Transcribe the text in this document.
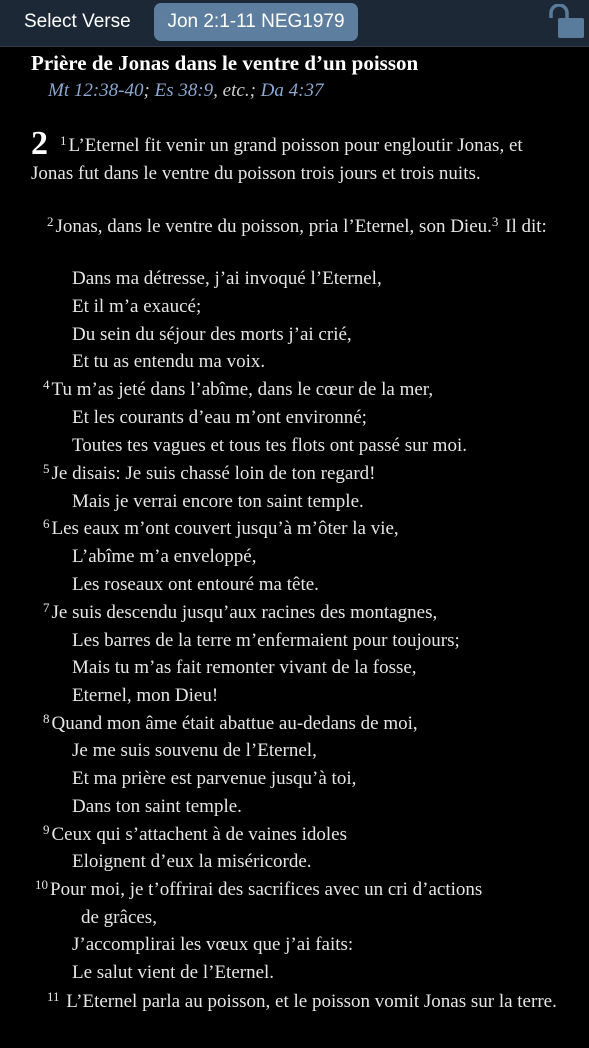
Select Verse	Jon 2:1-11 NEG1979
Prière de Jonas dans le ventre d’un poisson
Mt 12:38-40; Es 38:9, etc.; Da 4:37
2 $^1$ L’Eternel fit venir un grand poisson pour engloutir Jonas, et Jonas fut dans le ventre du poisson trois jours et trois nuits.
$^2$ Jonas, dans le ventre du poisson, pria l’Eternel, son Dieu.$^3$ Il dit:
Dans ma détresse, j’ai invoqué l’Eternel,
Et il m’a exaucé;
Du sein du séjour des morts j’ai crié,
Et tu as entendu ma voix.
$^4$ Tu m’as jeté dans l’abîme, dans le cœur de la mer,
Et les courants d’eau m’ont environné;
Toutes tes vagues et tous tes flots ont passé sur moi.
$^5$ Je disais: Je suis chassé loin de ton regard!
Mais je verrai encore ton saint temple.
$^6$ Les eaux m’ont couvert jusqu’à m’ôter la vie,
L’abîme m’a enveloppé,
Les roseaux ont entouré ma tête.
$^7$ Je suis descendu jusqu’aux racines des montagnes,
Les barres de la terre m’enfermaient pour toujours;
Mais tu m’as fait remonter vivant de la fosse,
Eternel, mon Dieu!
$^8$ Quand mon âme était abattue au-dedans de moi,
Je me suis souvenu de l’Eternel,
Et ma prière est parvenue jusqu’à toi,
Dans ton saint temple.
$^9$ Ceux qui s’attachent à de vaines idoles
Eloignent d’eux la miséricorde.
$^{10}$ Pour moi, je t’offrirai des sacrifices avec un cri d’actions
de grâces,
J’accomplirai les vœux que j’ai faits:
Le salut vient de l’Eternel.
$^{11}$ L’Eternel parla au poisson, et le poisson vomit Jonas sur la terre.
